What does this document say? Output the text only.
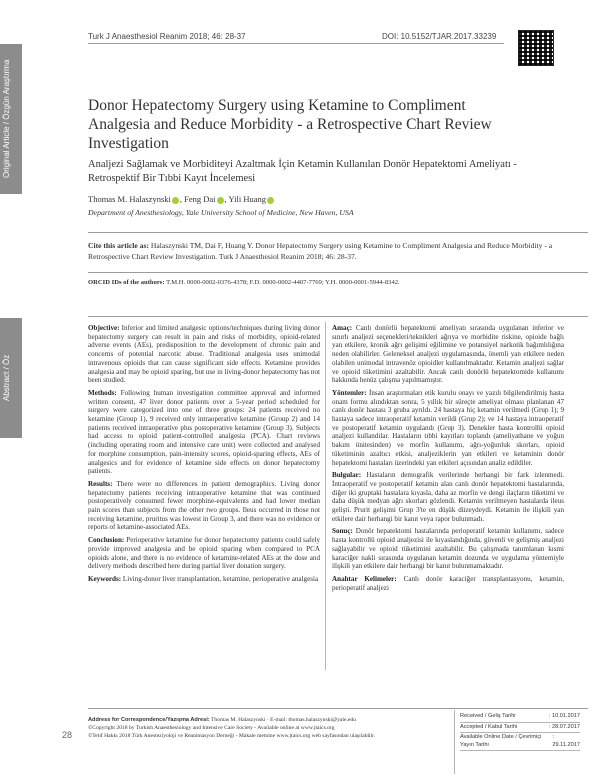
Turk J Anaesthesiol Reanim 2018; 46: 28-37	DOI: 10.5152/TJAR.2017.33239
Original Article / Özgün Araştırma
Abstract / Öz
Donor Hepatectomy Surgery using Ketamine to Compliment Analgesia and Reduce Morbidity - a Retrospective Chart Review Investigation
Analjezi Sağlamak ve Morbiditeyi Azaltmak İçin Ketamin Kullanılan Donör Hepatektomi Ameliyatı - Retrospektif Bir Tıbbi Kayıt İncelemesi
Thomas M. Halaszynski , Feng Dai , Yili Huang
Department of Anesthesiology, Yale University School of Medicine, New Haven, USA
Cite this article as: Halaszynski TM, Dai F, Huang Y. Donor Hepatectomy Surgery using Ketamine to Compliment Analgesia and Reduce Morbidity - a Retrospective Chart Review Investigation. Turk J Anaesthesiol Reanim 2018; 46: 28-37.
ORCID IDs of the authors: T.M.H. 0000-0002-0376-4378; F.D. 0000-0002-4407-7769; Y.H. 0000-0001-5944-8342.

Objective: Inferior and limited analgesic options/techniques during living donor hepatectomy surgery can result in pain and risks of morbidity, opioid-related adverse events (AEs), predisposition to the development of chronic pain and concerns of potential narcotic abuse. Traditional analgesia uses unimodal intravenous opioids that can cause significant side effects. Ketamine provides analgesia and may be opioid sparing, but use in living-donor hepatectomy has not been studied.

Methods: Following human investigation committee approval and informed written consent, 47 liver donor patients over a 5-year period scheduled for surgery were categorized into one of three groups: 24 patients received no ketamine (Group 1), 9 received only intraoperative ketamine (Group 2) and 14 patients received intraoperative plus postoperative ketamine (Group 3). Subjects had access to opioid patient-controlled analgesia (PCA). Chart reviews (including operating room and intensive care unit) were collected and analysed for morphine consumption, pain-intensity scores, opioid-sparing effects, AEs of analgesics and for evidence of ketamine side effects on donor hepatectomy patients.

Results: There were no differences in patient demographics. Living donor hepatectomy patients receiving intraoperative ketamine that was continued postoperatively consumed fewer morphine-equivalents and had lower median pain scores than subjects from the other two groups. Ileus occurred in those not receiving ketamine, pruritus was lowest in Group 3, and there was no evidence or reports of ketamine-associated AEs.

Conclusion: Perioperative ketamine for donor hepatectomy patients could safely provide improved analgesia and be opioid sparing when compared to PCA opioids alone, and there is no evidence of ketamine-related AEs at the dose and delivery methods described here during partial liver donation surgery.

Keywords: Living-donor liver transplantation, ketamine, perioperative analgesia

Amaç: Canlı donörlü hepatektomi ameliyatı sırasında uygulanan inferior ve sınırlı analjezi seçenekleri/teknikleri ağrıya ve morbidite riskine, opioide bağlı yan etkilere, kronik ağrı gelişimi eğilimine ve potansiyel narkotik bağımlılığına neden olabilirler. Geleneksel analjezi uygulamasında, önemli yan etkilere neden olabilen unimodal intravenöz opioidler kullanılmaktadır. Ketamin analjezi sağlar ve opioid tüketimini azaltabilir. Ancak canlı donörlü hepatektomide kullanımı hakkında henüz çalışma yapılmamıştır.

Yöntemler: İnsan araştırmaları etik kurulu onayı ve yazılı bilgilendirilmiş hasta onam formu alındıktan sonra, 5 yıllık bir süreçte ameliyat olması planlanan 47 canlı donör hastası 3 gruba ayrıldı. 24 hastaya hiç ketamin verilmedi (Grup 1); 9 hastaya sadece intraoperatif ketamin verildi (Grup 2); ve 14 hastaya intraoperatif ve postoperatif ketamin uygulandı (Grup 3). Denekler hasta kontrollü opioid analjezi kullandılar. Hastaların tıbbi kayıtları toplandı (ameliyathane ve yoğun bakım ünitesinden) ve morfin kullanımı, ağrı-yoğunluk skorları, opioid tüketiminin azaltıcı etkisi, analjeziklerin yan etkileri ve ketaminin donör hepatektomi hastaları üzerindeki yan etkileri açısından analiz edildiler.

Bulgular: Hastaların demografik verilerinde herhangi bir fark izlenmedi. İntraoperatif ve postoperatif ketamin alan canlı donör hepatektomi hastalarında, diğer iki gruptaki hastalara kıyasla, daha az morfin ve dengi ilaçların tüketimi ve daha düşük medyan ağrı skorları gözlendi. Ketamin verilmeyen hastalarda ileus gelişti. Prurit gelişimi Grup 3'te en düşük düzeydeydi. Ketamin ile ilişkili yan etkilere dair herhangi bir kanıt veya rapor bulunmadı.

Sonuç: Donör hepatektomi hastalarında perioperatif ketamin kullanımı, sadece hasta kontrollü opioid analjezisi ile kıyaslandığında, güvenli ve gelişmiş analjezi sağlayabilir ve opioid tüketimini azaltabilir. Bu çalışmada tanımlanan kısmi karaciğer nakli sırasında uygulanan ketamin dozunda ve uygulama yöntemiyle ilişkili yan etkilere dair herhangi bir kanıt bulunmamaktadır.

Anahtar Kelimeler: Canlı donör karaciğer transplantasyonu, ketamin, perioperatif analjezi

28
Address for Correspondence/Yazışma Adresi: Thomas M. Halaszynski · E-mail: thomas.halaszynski@yale.edu
©Copyright 2018 by Turkish Anaesthesiology and Intensive Care Society - Available online at www.jtaics.org
©Telif Hakkı 2018 Türk Anesteziyoloji ve Reanimasyon Derneği - Makale metnine www.jtaics.org web sayfasından ulaşılabilir.
Received / Geliş Tarihi	: 10.01.2017
Accepted / Kabul Tarihi	: 28.07.2017
Available Online Date / Çevrimiçi Yayın Tarihi
: 29.11.2017
